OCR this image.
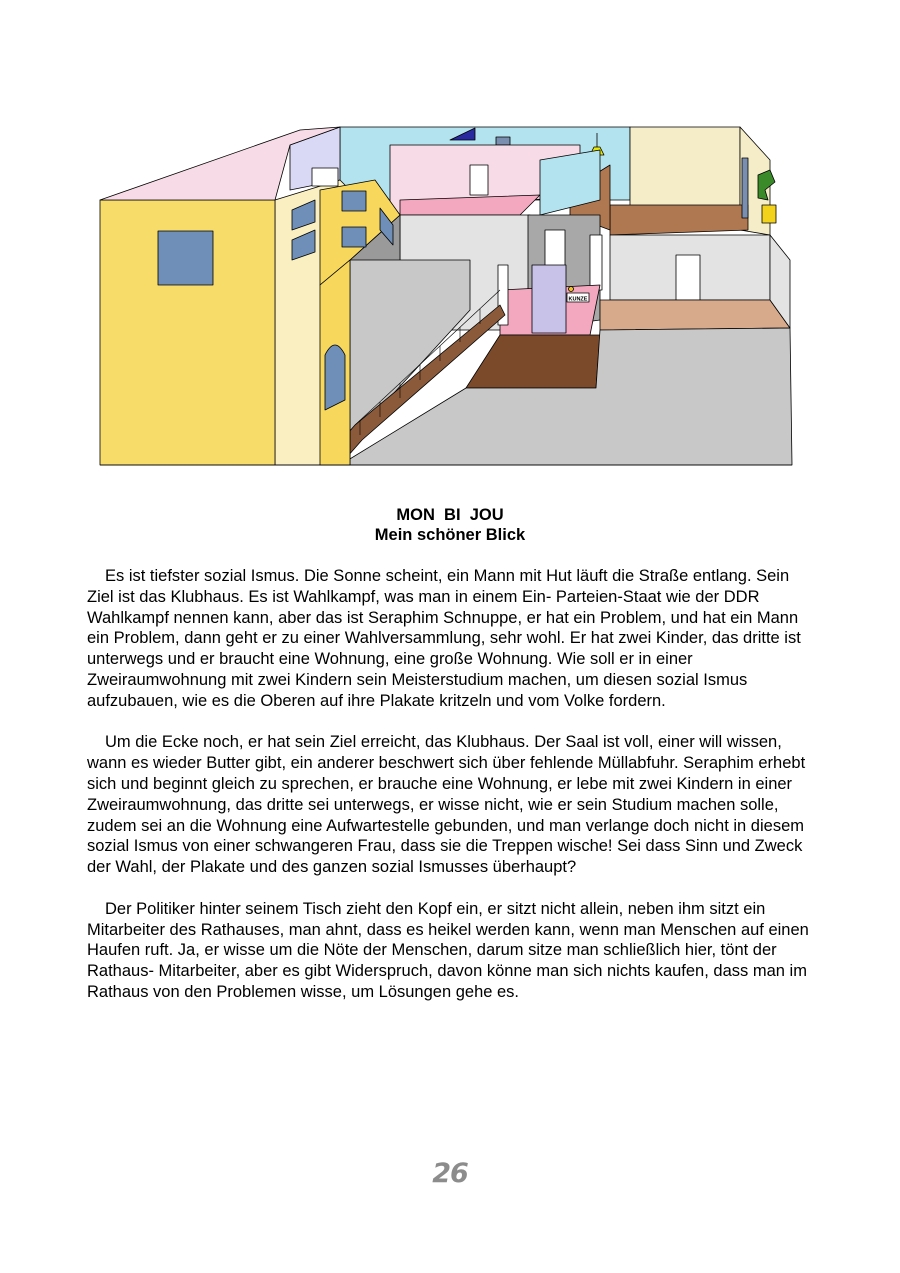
KUNZE
MON  BI  JOU
Mein schöner Blick

Es ist tiefster sozial Ismus. Die Sonne scheint, ein Mann mit Hut läuft die Straße entlang. Sein Ziel ist das Klubhaus. Es ist Wahlkampf, was man in einem Ein- Parteien-Staat wie der DDR Wahlkampf nennen kann, aber das ist Seraphim Schnuppe, er hat ein Problem, und hat ein Mann ein Problem, dann geht er zu einer Wahlversammlung, sehr wohl. Er hat zwei Kinder, das dritte ist unterwegs und er braucht eine Wohnung, eine große Wohnung. Wie soll er in einer Zweiraumwohnung mit zwei Kindern sein Meisterstudium machen, um diesen sozial Ismus aufzubauen, wie es die Oberen auf ihre Plakate kritzeln und vom Volke fordern.

Um die Ecke noch, er hat sein Ziel erreicht, das Klubhaus. Der Saal ist voll, einer will wissen, wann es wieder Butter gibt, ein anderer beschwert sich über fehlende Müllabfuhr. Seraphim erhebt sich und beginnt gleich zu sprechen, er brauche eine Wohnung, er lebe mit zwei Kindern in einer Zweiraumwohnung, das dritte sei unterwegs, er wisse nicht, wie er sein Studium machen solle, zudem sei an die Wohnung eine Aufwartestelle gebunden, und man verlange doch nicht in diesem sozial Ismus von einer schwangeren Frau, dass sie die Treppen wische! Sei dass Sinn und Zweck der Wahl, der Plakate und des ganzen sozial Ismusses überhaupt?

Der Politiker hinter seinem Tisch zieht den Kopf ein, er sitzt nicht allein, neben ihm sitzt ein Mitarbeiter des Rathauses, man ahnt, dass es heikel werden kann, wenn man Menschen auf einen Haufen ruft. Ja, er wisse um die Nöte der Menschen, darum sitze man schließlich hier, tönt der Rathaus- Mitarbeiter, aber es gibt Widerspruch, davon könne man sich nichts kaufen, dass man im Rathaus von den Problemen wisse, um Lösungen gehe es.

26
